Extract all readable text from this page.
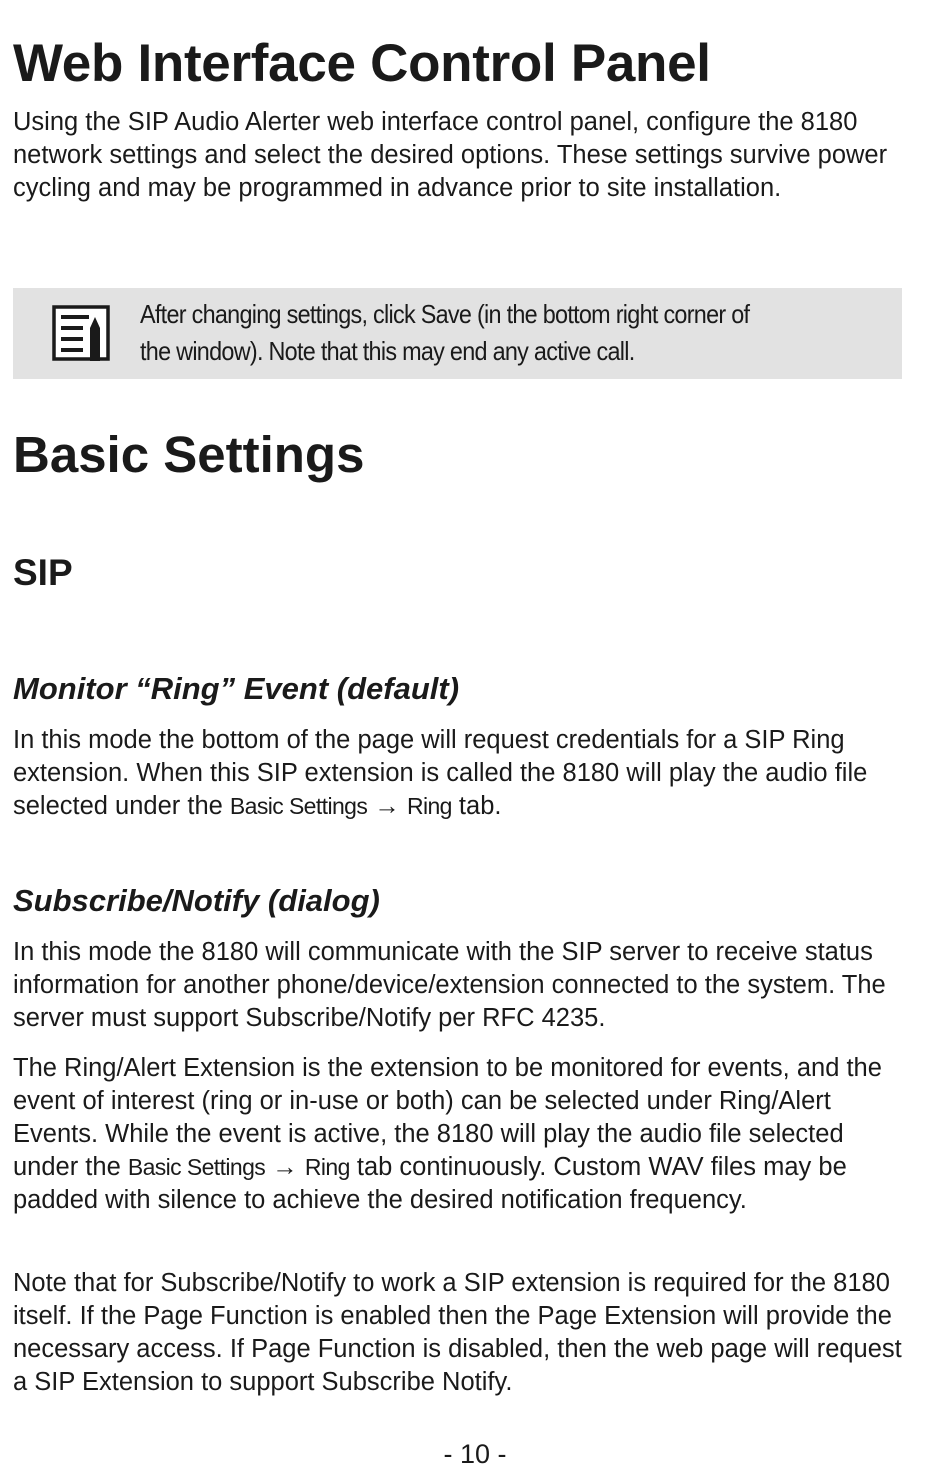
Web Interface Control Panel

Using the SIP Audio Alerter web interface control panel, configure the 8180 network settings and select the desired options. These settings survive power cycling and may be programmed in advance prior to site installation.

After changing settings, click Save (in the bottom right corner of
the window). Note that this may end any active call.

Basic Settings
SIP
Monitor “Ring” Event (default)

In this mode the bottom of the page will request credentials for a SIP Ring extension. When this SIP extension is called the 8180 will play the audio file selected under the Basic Settings → Ring tab.

Subscribe/Notify (dialog)

In this mode the 8180 will communicate with the SIP server to receive status information for another phone/device/extension connected to the system. The server must support Subscribe/Notify per RFC 4235.

The Ring/Alert Extension is the extension to be monitored for events, and the event of interest (ring or in-use or both) can be selected under Ring/Alert Events. While the event is active, the 8180 will play the audio file selected under the Basic Settings → Ring tab continuously. Custom WAV files may be padded with silence to achieve the desired notification frequency.

Note that for Subscribe/Notify to work a SIP extension is required for the 8180 itself. If the Page Function is enabled then the Page Extension will provide the necessary access. If Page Function is disabled, then the web page will request a SIP Extension to support Subscribe Notify.

- 10 -
